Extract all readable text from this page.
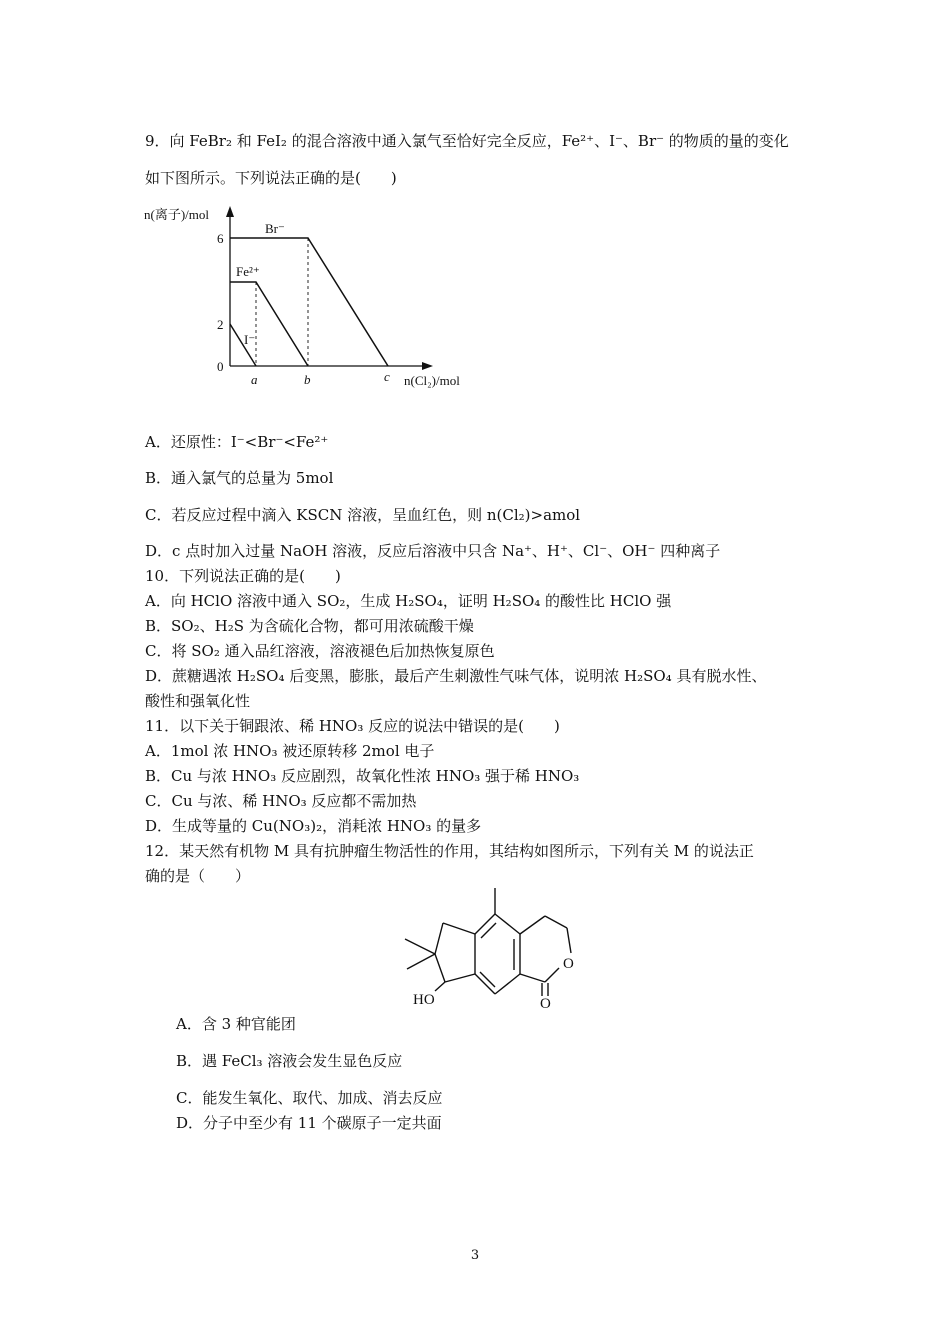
9．向 FeBr₂ 和 FeI₂ 的混合溶液中通入氯气至恰好完全反应，Fe²⁺、I⁻、Br⁻ 的物质的量的变化
如下图所示。下列说法正确的是(　　)
n(离子)/mol
6
2
0
a	b	c n(Cl₂)/mol
Br⁻
Fe²⁺
I⁻
A．还原性：I⁻<Br⁻<Fe²⁺
B．通入氯气的总量为 5mol
C．若反应过程中滴入 KSCN 溶液，呈血红色，则 n(Cl₂)>amol
D．c 点时加入过量 NaOH 溶液，反应后溶液中只含 Na⁺、H⁺、Cl⁻、OH⁻ 四种离子
10．下列说法正确的是(　　)
A．向 HClO 溶液中通入 SO₂，生成 H₂SO₄，证明 H₂SO₄ 的酸性比 HClO 强
B．SO₂、H₂S 为含硫化合物，都可用浓硫酸干燥
C．将 SO₂ 通入品红溶液，溶液褪色后加热恢复原色
D．蔗糖遇浓 H₂SO₄ 后变黑，膨胀，最后产生刺激性气味气体，说明浓 H₂SO₄ 具有脱水性、
酸性和强氧化性
11．以下关于铜跟浓、稀 HNO₃ 反应的说法中错误的是(　　)
A．1mol 浓 HNO₃ 被还原转移 2mol 电子
B．Cu 与浓 HNO₃ 反应剧烈，故氧化性浓 HNO₃ 强于稀 HNO₃
C．Cu 与浓、稀 HNO₃ 反应都不需加热
D．生成等量的 Cu(NO₃)₂，消耗浓 HNO₃ 的量多
12．某天然有机物 M 具有抗肿瘤生物活性的作用，其结构如图所示，下列有关 M 的说法正
确的是（　　）
O
O
HO
A．含 3 种官能团
B．遇 FeCl₃ 溶液会发生显色反应
C．能发生氧化、取代、加成、消去反应
D．分子中至少有 11 个碳原子一定共面
3
